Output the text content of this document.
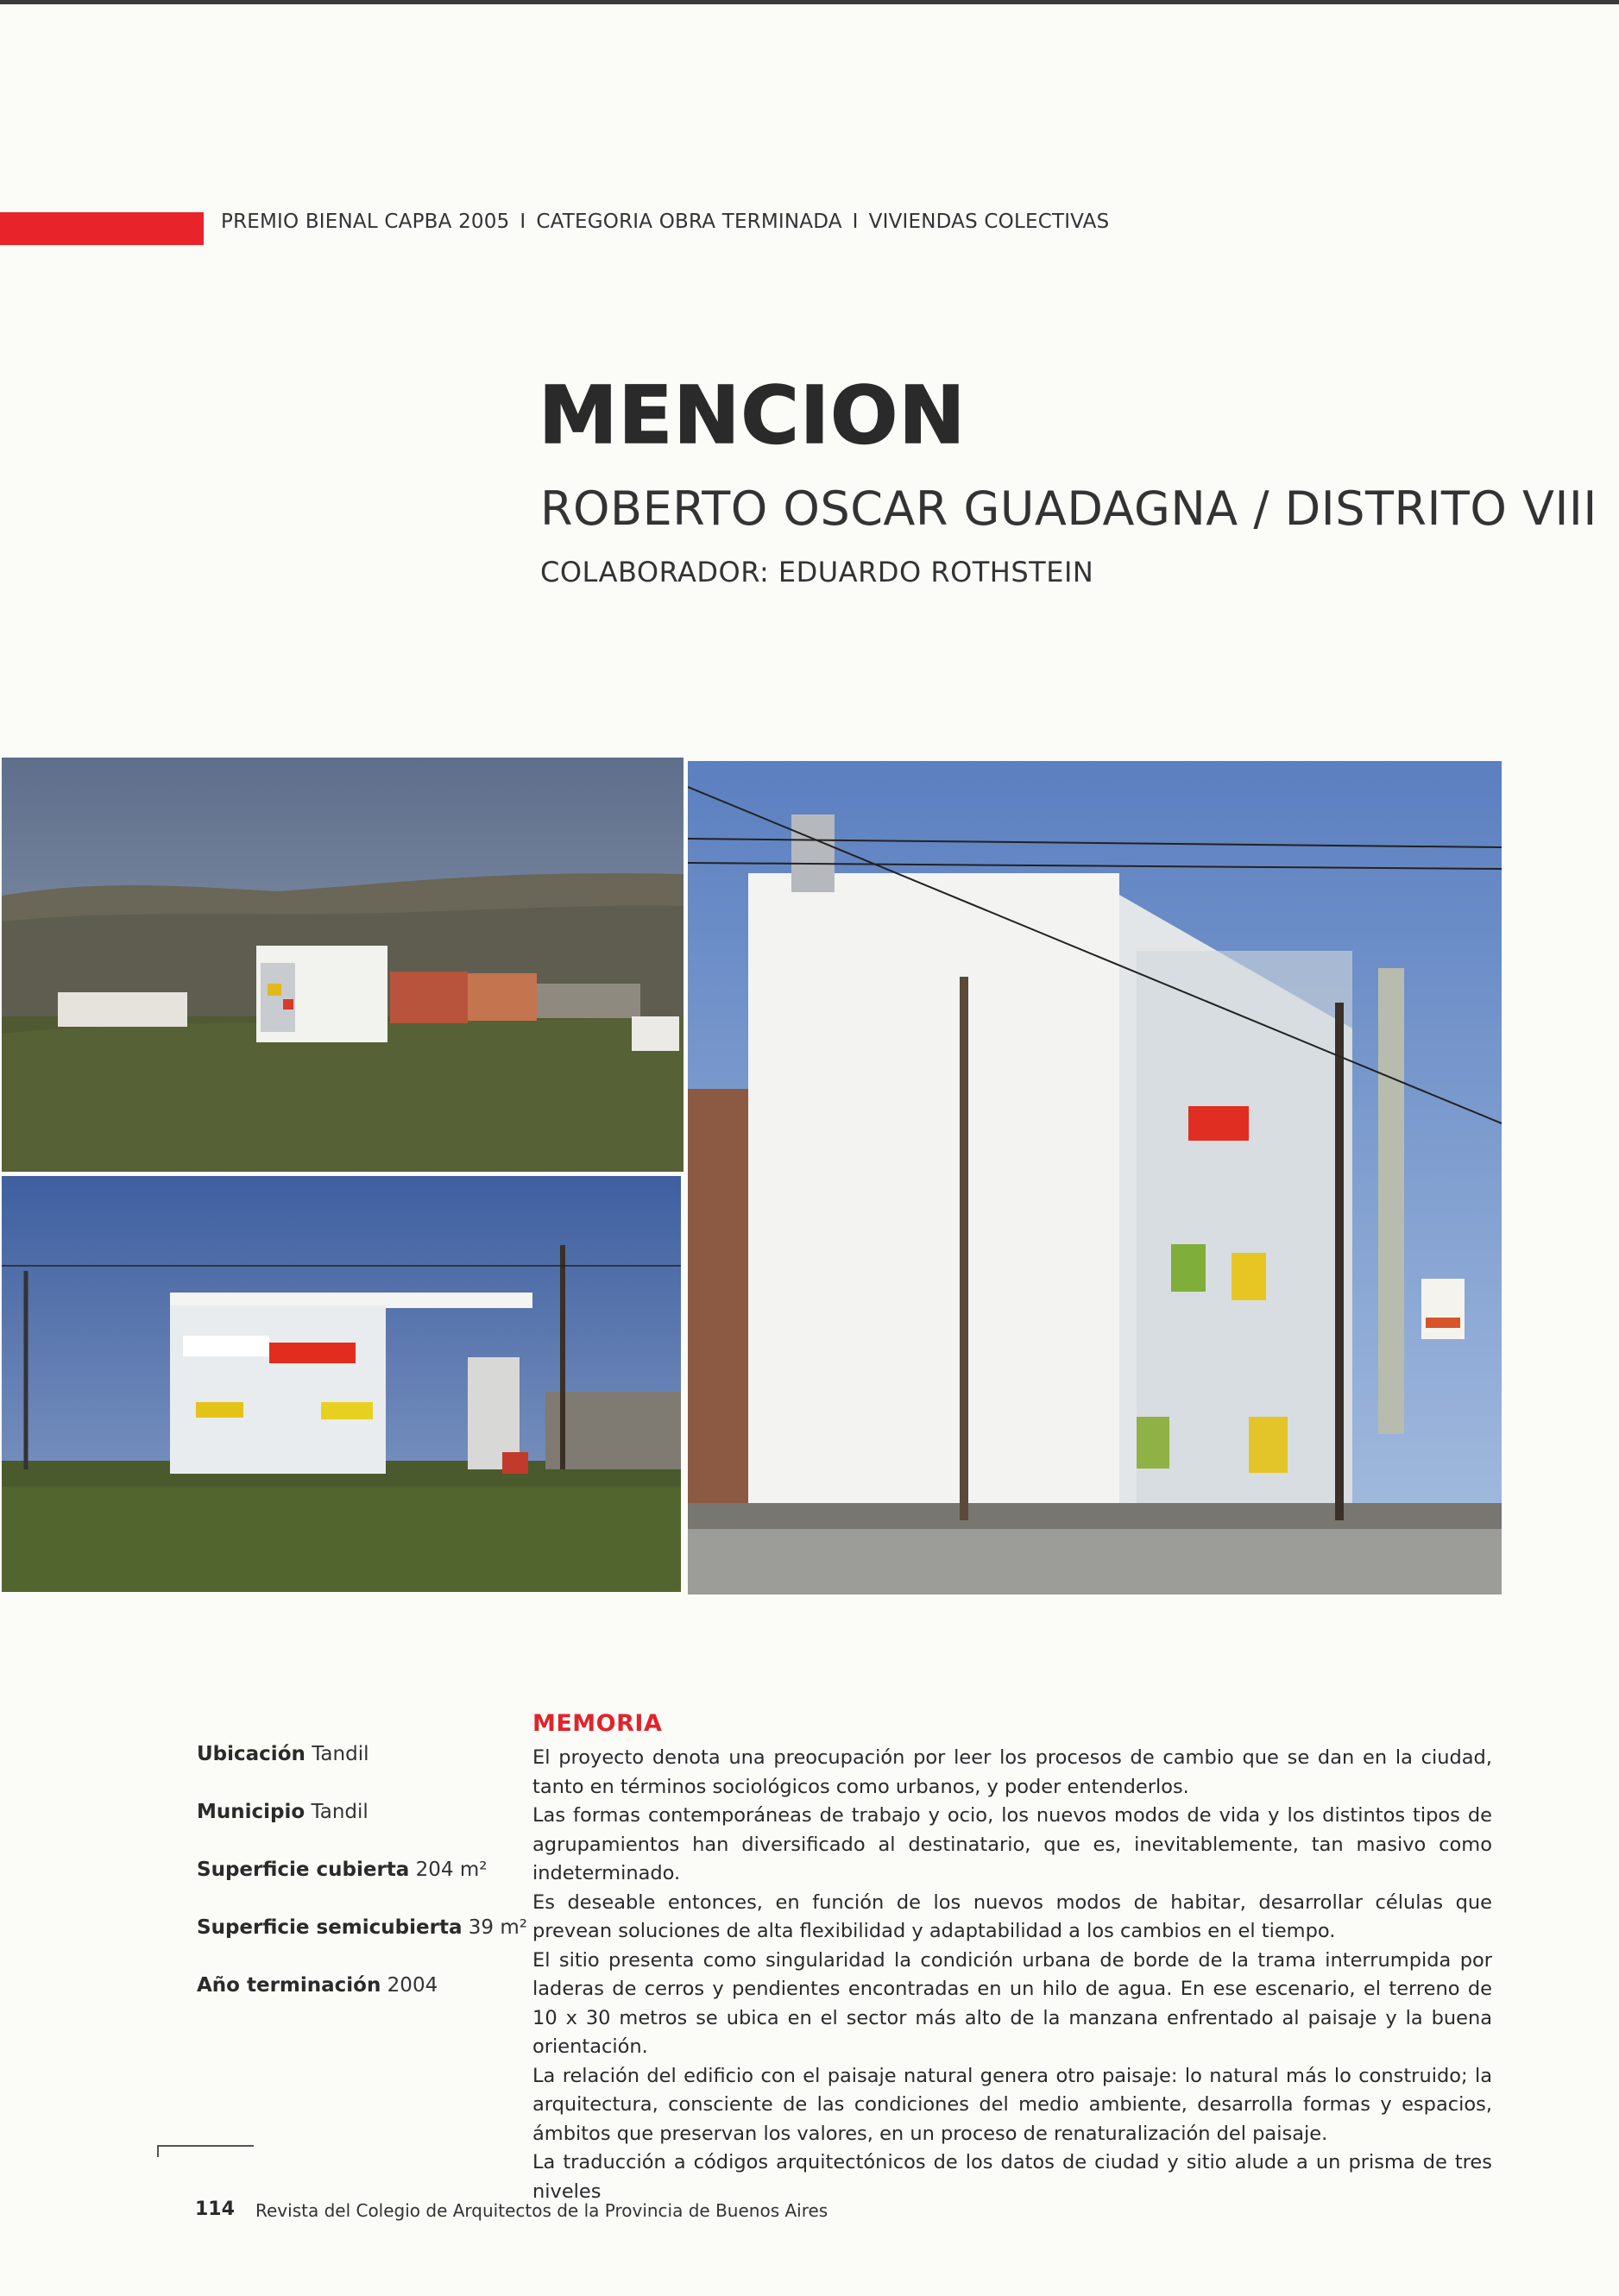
PREMIO BIENAL CAPBA 2005 I CATEGORIA OBRA TERMINADA I VIVIENDAS COLECTIVAS
MENCION
ROBERTO OSCAR GUADAGNA / DISTRITO VIII
COLABORADOR: EDUARDO ROTHSTEIN
Ubicación Tandil
Municipio Tandil
Superficie cubierta 204 m²
Superficie semicubierta 39 m²
Año terminación 2004
MEMORIA

El proyecto denota una preocupación por leer los procesos de cambio que se dan en la ciudad, tanto en términos sociológicos como urbanos, y poder entenderlos.

Las formas contemporáneas de trabajo y ocio, los nuevos modos de vida y los distintos tipos de agrupamientos han diversificado al destinatario, que es, inevitablemente, tan masivo como indeterminado.

Es deseable entonces, en función de los nuevos modos de habitar, desarrollar células que prevean soluciones de alta flexibilidad y adaptabilidad a los cambios en el tiempo.

El sitio presenta como singularidad la condición urbana de borde de la trama interrumpida por laderas de cerros y pendientes encontradas en un hilo de agua. En ese escenario, el terreno de 10 x 30 metros se ubica en el sector más alto de la manzana enfrentado al paisaje y la buena orientación.

La relación del edificio con el paisaje natural genera otro paisaje: lo natural más lo construido; la arquitectura, consciente de las condiciones del medio ambiente, desarrolla formas y espacios, ámbitos que preservan los valores, en un proceso de renaturalización del paisaje.

La traducción a códigos arquitectónicos de los datos de ciudad y sitio alude a un prisma de tres niveles

114 Revista del Colegio de Arquitectos de la Provincia de Buenos Aires
